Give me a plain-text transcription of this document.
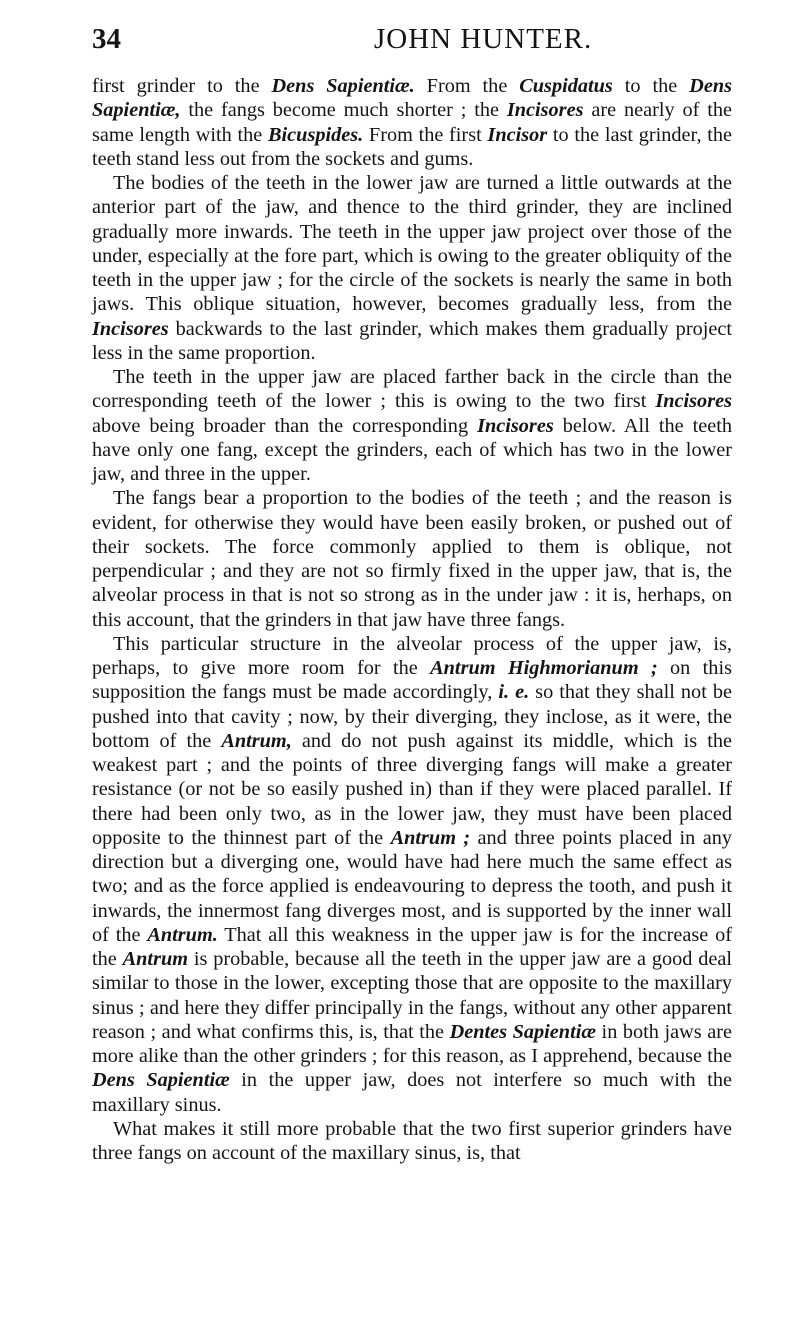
34	JOHN HUNTER.

first grinder to the Dens Sapientiæ. From the Cuspidatus to the Dens Sapientiæ, the fangs become much shorter ; the Incisores are nearly of the same length with the Bicuspides. From the first Incisor to the last grinder, the teeth stand less out from the sockets and gums.

The bodies of the teeth in the lower jaw are turned a little outwards at the anterior part of the jaw, and thence to the third grinder, they are inclined gradually more inwards. The teeth in the upper jaw project over those of the under, especially at the fore part, which is owing to the greater obliquity of the teeth in the upper jaw ; for the circle of the sockets is nearly the same in both jaws. This oblique situation, however, becomes gradually less, from the Incisores backwards to the last grinder, which makes them gradually project less in the same proportion.

The teeth in the upper jaw are placed farther back in the circle than the corresponding teeth of the lower ; this is owing to the two first Incisores above being broader than the corresponding Incisores below. All the teeth have only one fang, except the grinders, each of which has two in the lower jaw, and three in the upper.

The fangs bear a proportion to the bodies of the teeth ; and the reason is evident, for otherwise they would have been easily broken, or pushed out of their sockets. The force commonly applied to them is oblique, not perpendicular ; and they are not so firmly fixed in the upper jaw, that is, the alveolar process in that is not so strong as in the under jaw : it is, herhaps, on this account, that the grinders in that jaw have three fangs.

This particular structure in the alveolar process of the upper jaw, is, perhaps, to give more room for the Antrum Highmorianum ; on this supposition the fangs must be made accordingly, i. e. so that they shall not be pushed into that cavity ; now, by their diverging, they inclose, as it were, the bottom of the Antrum, and do not push against its middle, which is the weakest part ; and the points of three diverging fangs will make a greater resistance (or not be so easily pushed in) than if they were placed parallel. If there had been only two, as in the lower jaw, they must have been placed opposite to the thinnest part of the Antrum ; and three points placed in any direction but a diverging one, would have had here much the same effect as two; and as the force applied is endeavouring to depress the tooth, and push it inwards, the innermost fang diverges most, and is supported by the inner wall of the Antrum. That all this weakness in the upper jaw is for the increase of the Antrum is probable, because all the teeth in the upper jaw are a good deal similar to those in the lower, excepting those that are opposite to the maxillary sinus ; and here they differ principally in the fangs, without any other apparent reason ; and what confirms this, is, that the Dentes Sapientiæ in both jaws are more alike than the other grinders ; for this reason, as I apprehend, because the Dens Sapientiæ in the upper jaw, does not interfere so much with the maxillary sinus.

What makes it still more probable that the two first superior grinders have three fangs on account of the maxillary sinus, is, that
